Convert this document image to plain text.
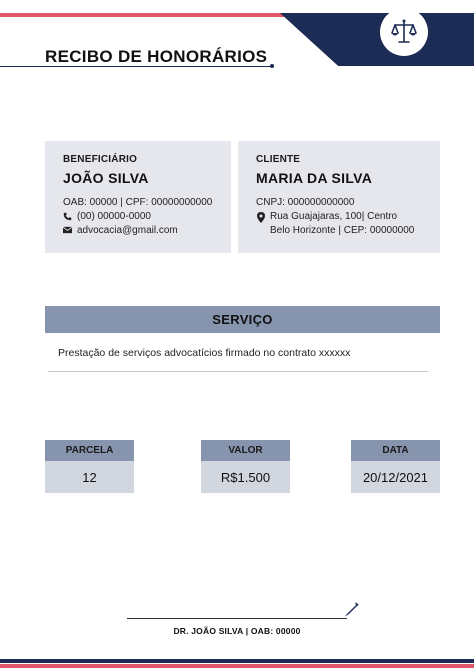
RECIBO DE HONORÁRIOS
BENEFICIÁRIO
JOÃO SILVA
OAB: 00000 | CPF: 00000000000
(00) 00000-0000
advocacia@gmail.com
CLIENTE
MARIA DA SILVA
CNPJ: 000000000000
Rua Guajajaras, 100| Centro
Belo Horizonte | CEP: 00000000
SERVIÇO
Prestação de serviços advocatícios firmado no contrato xxxxxx
PARCELA
12
VALOR
R$1.500
DATA
20/12/2021
DR. JOÃO SILVA | OAB: 00000
